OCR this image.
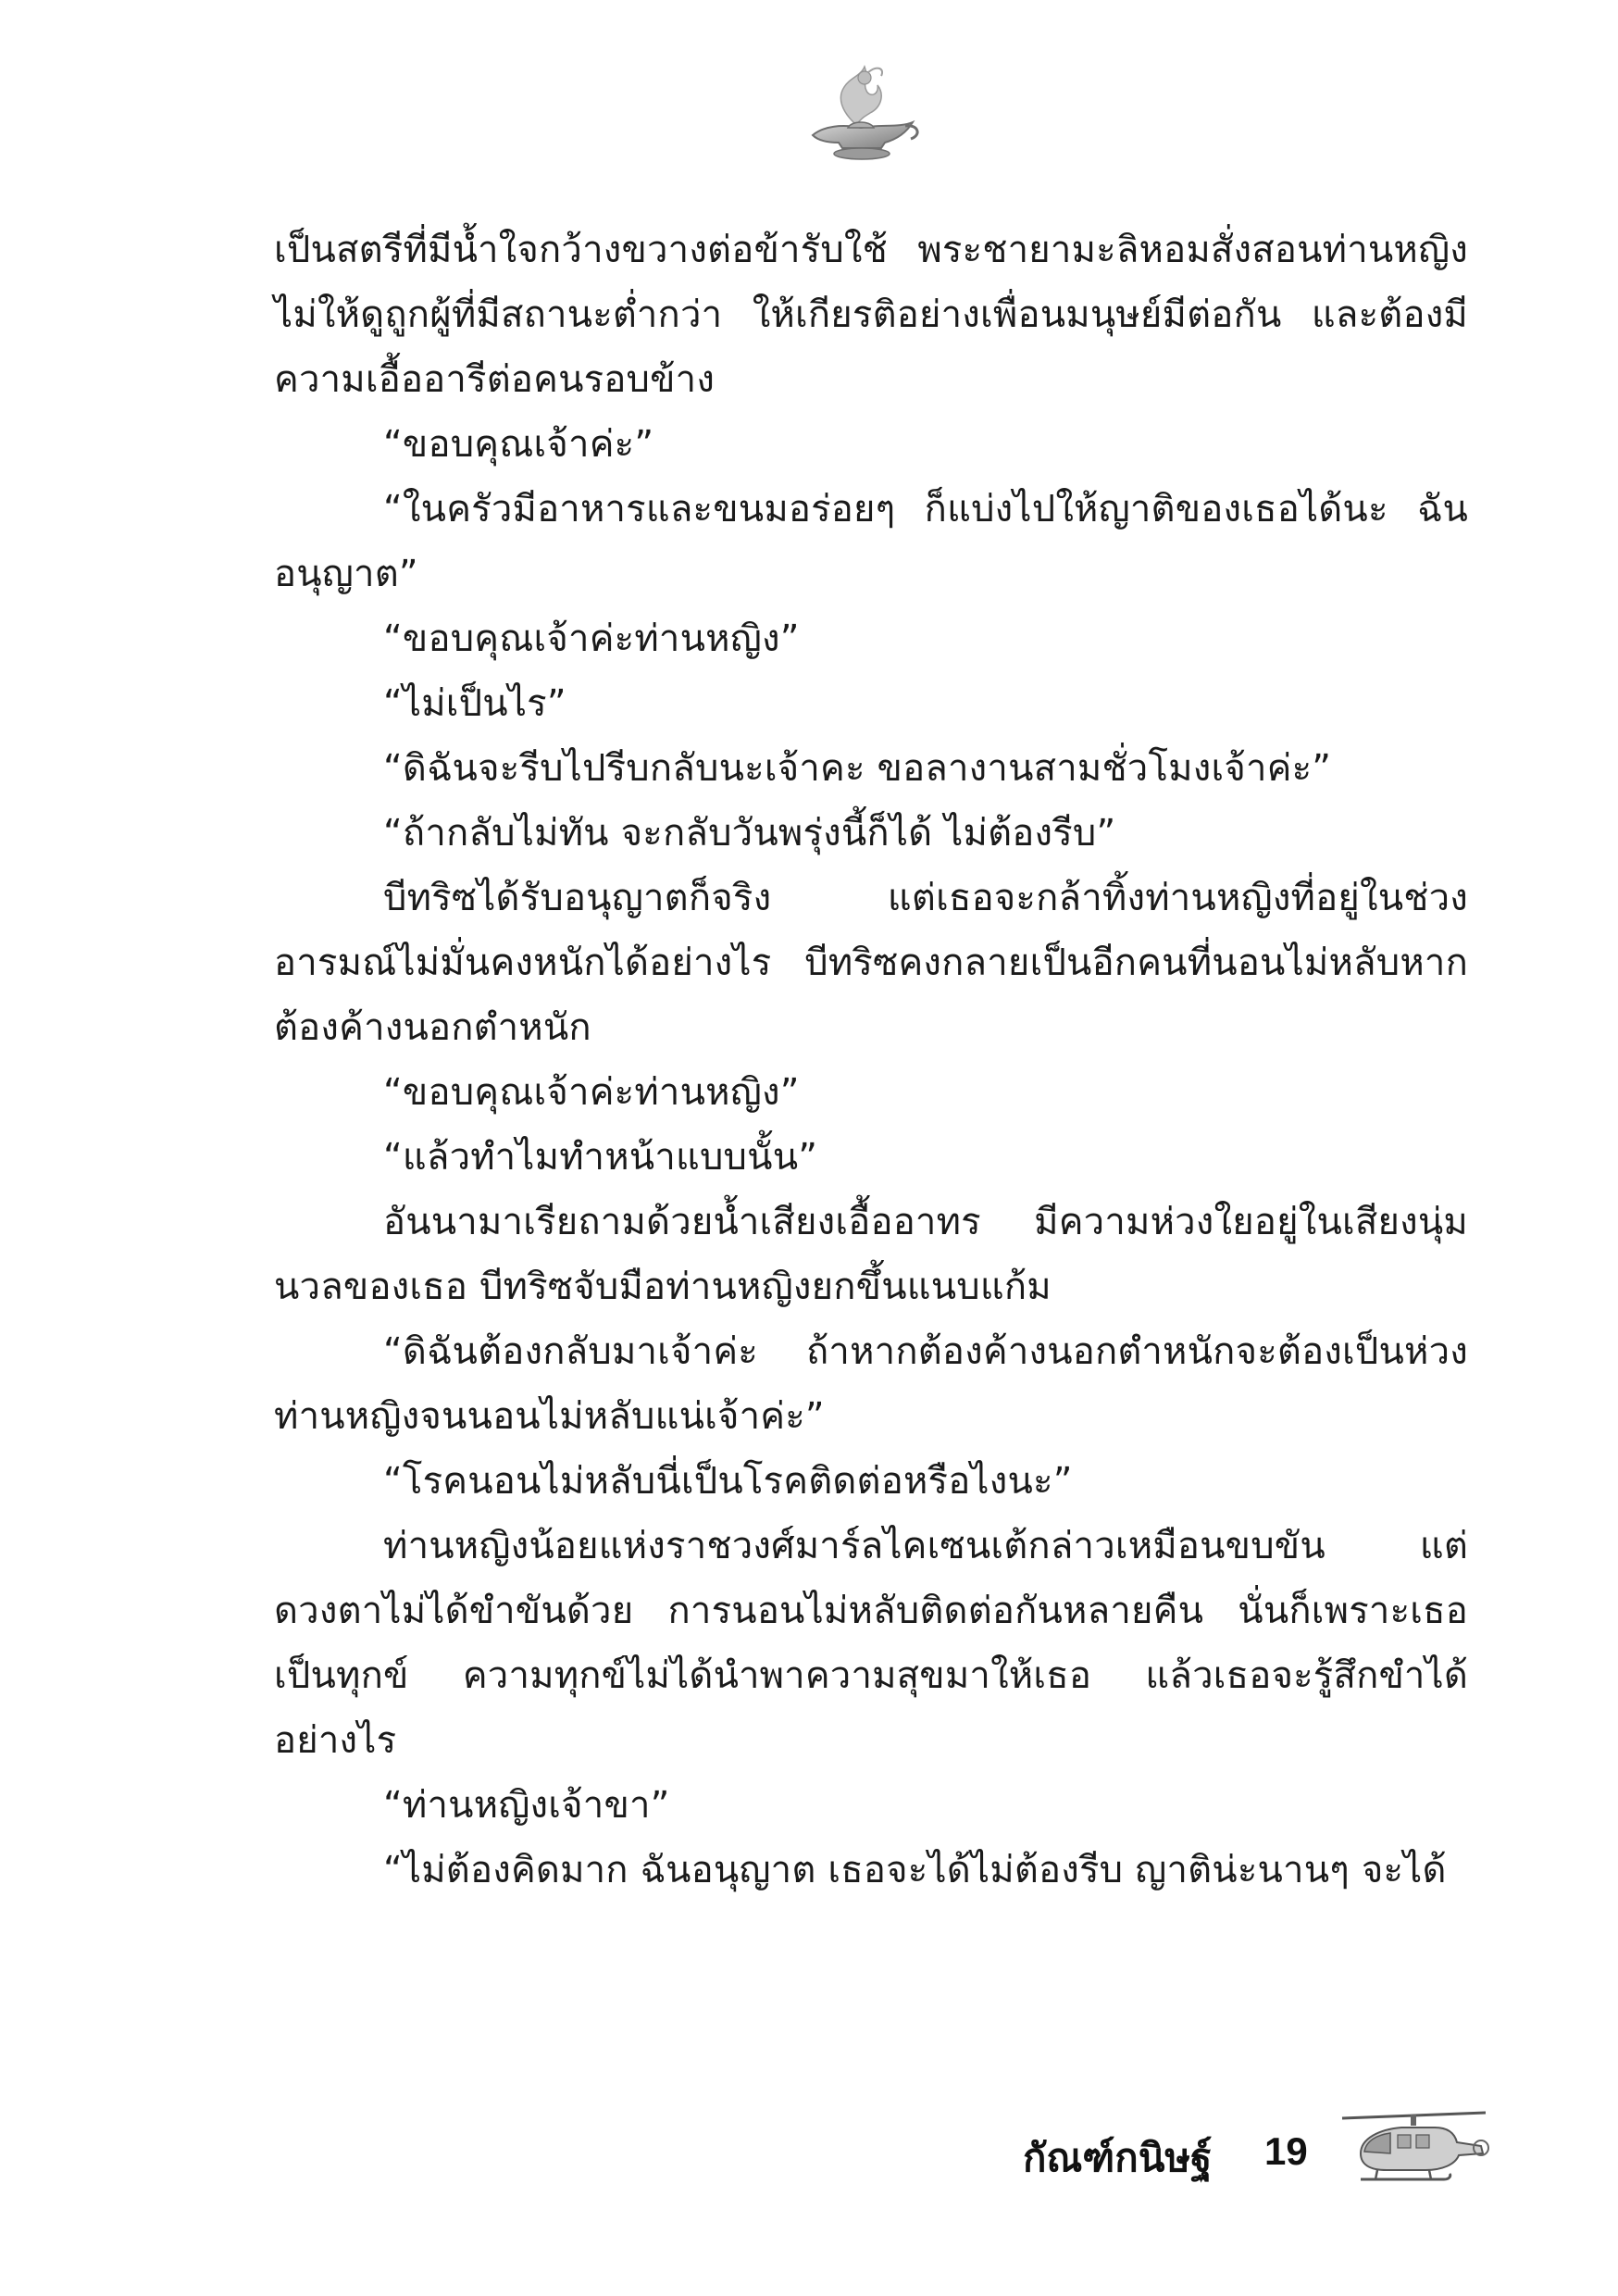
เป็นสตรีที่มีน้ำใจกว้างขวางต่อข้ารับใช้ พระชายามะลิหอมสั่งสอนท่านหญิงไม่ให้ดูถูกผู้ที่มีสถานะต่ำกว่า ให้เกียรติอย่างเพื่อนมนุษย์มีต่อกัน และต้องมีความเอื้ออารีต่อคนรอบข้าง

“ขอบคุณเจ้าค่ะ”

“ในครัวมีอาหารและขนมอร่อยๆ ก็แบ่งไปให้ญาติของเธอได้นะ ฉันอนุญาต”

“ขอบคุณเจ้าค่ะท่านหญิง”

“ไม่เป็นไร”

“ดิฉันจะรีบไปรีบกลับนะเจ้าคะ ขอลางานสามชั่วโมงเจ้าค่ะ”

“ถ้ากลับไม่ทัน จะกลับวันพรุ่งนี้ก็ได้ ไม่ต้องรีบ”

บีทริซได้รับอนุญาตก็จริง แต่เธอจะกล้าทิ้งท่านหญิงที่อยู่ในช่วงอารมณ์ไม่มั่นคงหนักได้อย่างไร บีทริซคงกลายเป็นอีกคนที่นอนไม่หลับหากต้องค้างนอกตำหนัก

“ขอบคุณเจ้าค่ะท่านหญิง”

“แล้วทำไมทำหน้าแบบนั้น”

อันนามาเรียถามด้วยน้ำเสียงเอื้ออาทร มีความห่วงใยอยู่ในเสียงนุ่มนวลของเธอ บีทริซจับมือท่านหญิงยกขึ้นแนบแก้ม

“ดิฉันต้องกลับมาเจ้าค่ะ ถ้าหากต้องค้างนอกตำหนักจะต้องเป็นห่วงท่านหญิงจนนอนไม่หลับแน่เจ้าค่ะ”

“โรคนอนไม่หลับนี่เป็นโรคติดต่อหรือไงนะ”

ท่านหญิงน้อยแห่งราชวงศ์มาร์ลไคเซนเต้กล่าวเหมือนขบขัน แต่ดวงตาไม่ได้ขำขันด้วย การนอนไม่หลับติดต่อกันหลายคืน นั่นก็เพราะเธอเป็นทุกข์ ความทุกข์ไม่ได้นำพาความสุขมาให้เธอ แล้วเธอจะรู้สึกขำได้อย่างไร

“ท่านหญิงเจ้าขา”

“ไม่ต้องคิดมาก ฉันอนุญาต เธอจะได้ไม่ต้องรีบ ญาติน่ะนานๆ จะได้

กัณฑ์กนิษฐ์ 19
